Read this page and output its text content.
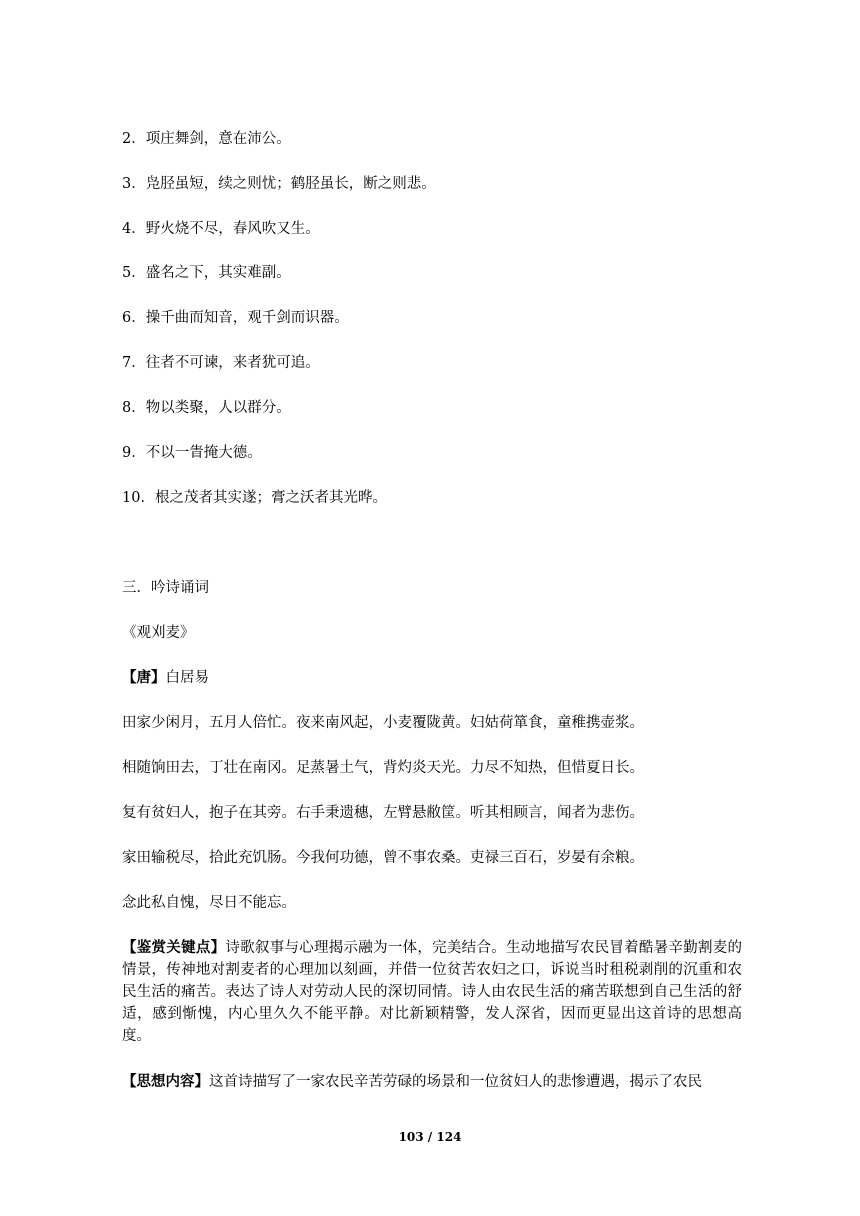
2．项庄舞剑，意在沛公。
3．凫胫虽短，续之则忧；鹤胫虽长，断之则悲。
4．野火烧不尽，春风吹又生。
5．盛名之下，其实难副。
6．操千曲而知音，观千剑而识器。
7．往者不可谏，来者犹可追。
8．物以类聚，人以群分。
9．不以一眚掩大德。
10．根之茂者其实遂；膏之沃者其光晔。
三．吟诗诵词
《观刈麦》
【唐】白居易
田家少闲月，五月人倍忙。夜来南风起，小麦覆陇黄。妇姑荷箪食，童稚携壶浆。
相随饷田去，丁壮在南冈。足蒸暑土气，背灼炎天光。力尽不知热，但惜夏日长。
复有贫妇人，抱子在其旁。右手秉遗穗，左臂悬敝筐。听其相顾言，闻者为悲伤。
家田输税尽，拾此充饥肠。今我何功德，曾不事农桑。吏禄三百石，岁晏有余粮。
念此私自愧，尽日不能忘。
【鉴赏关键点】诗歌叙事与心理揭示融为一体，完美结合。生动地描写农民冒着酷暑辛勤割麦的情景，传神地对割麦者的心理加以刻画，并借一位贫苦农妇之口，诉说当时租税剥削的沉重和农民生活的痛苦。表达了诗人对劳动人民的深切同情。诗人由农民生活的痛苦联想到自己生活的舒适，感到惭愧，内心里久久不能平静。对比新颖精警，发人深省，因而更显出这首诗的思想高度。
【思想内容】这首诗描写了一家农民辛苦劳碌的场景和一位贫妇人的悲惨遭遇，揭示了农民
103 / 124
